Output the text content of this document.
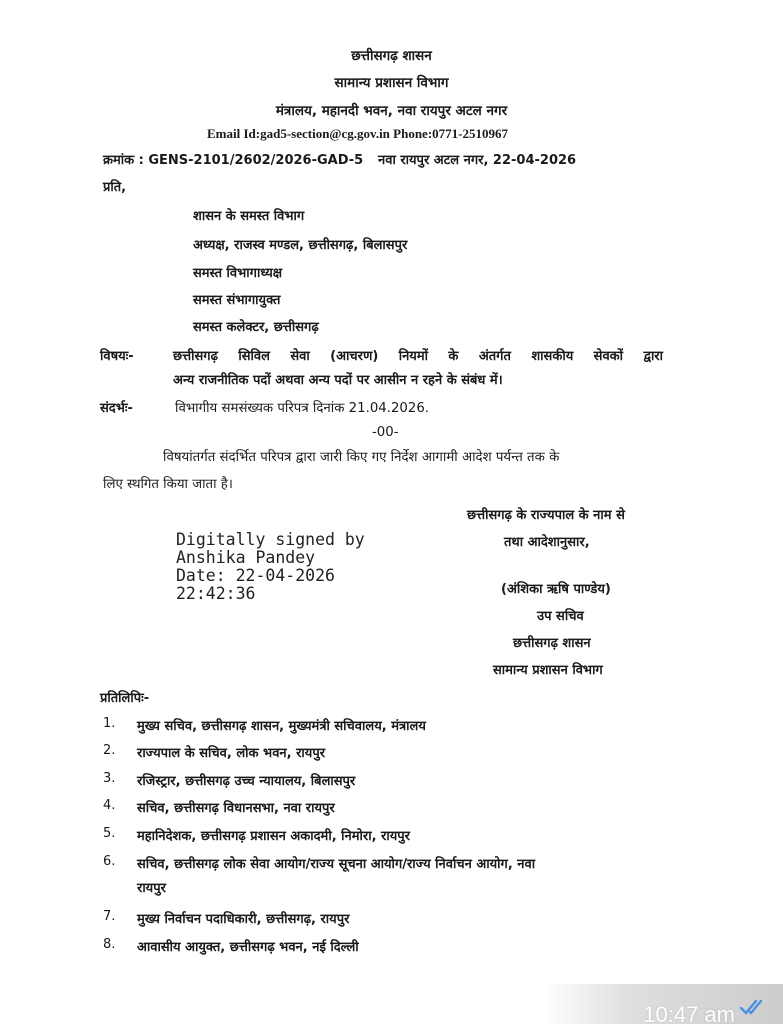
छत्तीसगढ़ शासन
सामान्य प्रशासन विभाग
मंत्रालय, महानदी भवन, नवा रायपुर अटल नगर
Email Id:gad5-section@cg.gov.in Phone:0771-2510967
क्रमांक : GENS-2101/2602/2026-GAD-5 नवा रायपुर अटल नगर, 22-04-2026
प्रति,
शासन के समस्त विभाग
अध्यक्ष, राजस्व मण्डल, छत्तीसगढ़, बिलासपुर
समस्त विभागाध्यक्ष
समस्त संभागायुक्त
समस्त कलेक्टर, छत्तीसगढ़
विषयः-	छत्तीसगढ़ सिविल सेवा (आचरण) नियमों के अंतर्गत शासकीय सेवकों द्वारा
अन्य राजनीतिक पदों अथवा अन्य पदों पर आसीन न रहने के संबंध में।
संदर्भः-	विभागीय समसंख्यक परिपत्र दिनांक 21.04.2026.
-00-
विषयांतर्गत संदर्भित परिपत्र द्वारा जारी किए गए निर्देश आगामी आदेश पर्यन्त तक के
लिए स्थगित किया जाता है।
Digitally signed by
Anshika Pandey
Date: 22-04-2026
22:42:36
छत्तीसगढ़ के राज्यपाल के नाम से
तथा आदेशानुसार,
(अंशिका ऋषि पाण्डेय)
उप सचिव
छत्तीसगढ़ शासन
सामान्य प्रशासन विभाग
प्रतिलिपिः-
1. मुख्य सचिव, छत्तीसगढ़ शासन, मुख्यमंत्री सचिवालय, मंत्रालय
2. राज्यपाल के सचिव, लोक भवन, रायपुर
3. रजिस्ट्रार, छत्तीसगढ़ उच्च न्यायालय, बिलासपुर
4. सचिव, छत्तीसगढ़ विधानसभा, नवा रायपुर
5. महानिदेशक, छत्तीसगढ़ प्रशासन अकादमी, निमोरा, रायपुर
6. सचिव, छत्तीसगढ़ लोक सेवा आयोग/राज्य सूचना आयोग/राज्य निर्वाचन आयोग, नवा
रायपुर
7. मुख्य निर्वाचन पदाधिकारी, छत्तीसगढ़, रायपुर
8. आवासीय आयुक्त, छत्तीसगढ़ भवन, नई दिल्ली
10:47 am
